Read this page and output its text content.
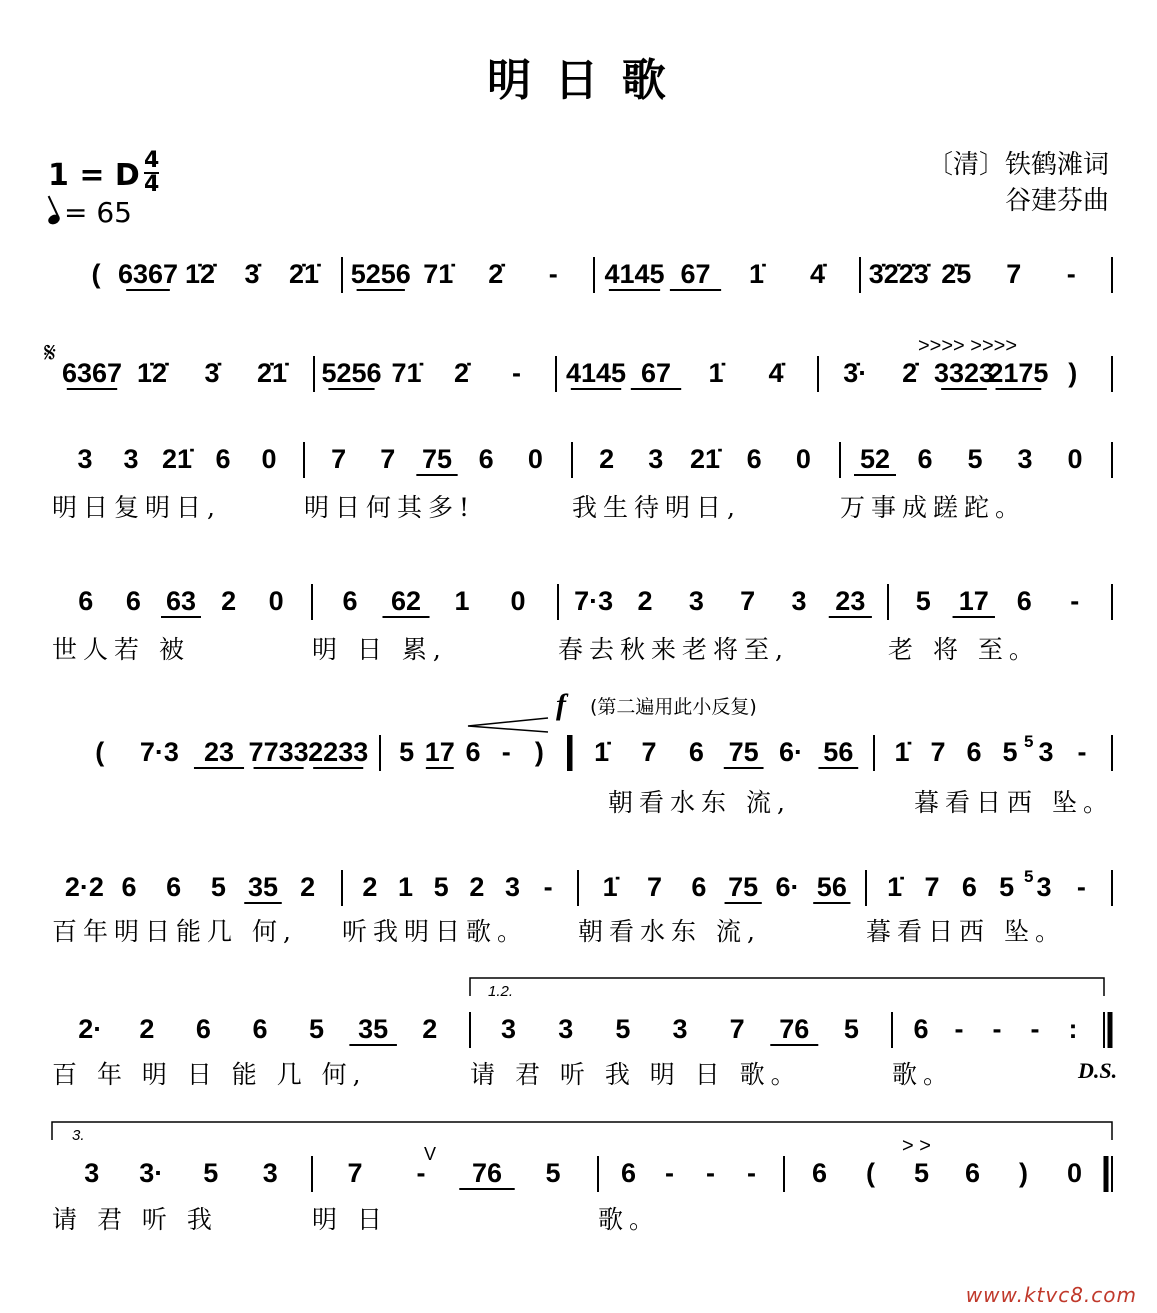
明 日 歌
〔清〕铁鹤滩词
谷建芬曲
1 = D 4
4
= 65
𝄋
f (第二遍用此小反复)
D.S.
www.ktvc8.com
( 6367 1̇2̇ 3̇ 2̇1̇ 5256 71̇ 2̇ - 4145 67 1̇ 4̇ 3̇2̇2̇3̇ 2̇5 7 -
6367 1̇2̇ 3̇ 2̇1̇ 5256 71̇ 2̇ - 4145 67 1̇ 4̇ 3̇· 2̇ 3323
2175 )
>>>> >>>>
3 3 21̇ 6 0 7 7 75 6 0 2 3 21̇ 6 0 52 6 5 3 0
明日复明日,	明日何其多!	我生待明日,	万事成蹉跎。
6 6 63 2 0 6 62 1 0 7·3 2 3 7 3 23 5 17 6 -
世人若 被	明 日 累,	春去秋来老将至,	老 将 至。
( 7·3 23 7733 2233 5 17 6 - ) 1̇ 7 6 75 6· 56 1̇ 7 6 5 3 -
朝看水东 流,	暮看日西 坠。
5
2·2 6 6 5 35 2 2 1 5 2 3 - 1̇ 7 6 75 6· 56 1̇ 7 6 5 3 -
百年明日能几 何, 听我明日歌。 朝看水东 流,	暮看日西 坠。
5
2· 2 6 6 5 35 2 3 3 5 3 7 76 5 6 - - - :
百 年 明 日 能 几 何,	请 君 听 我 明 日 歌。	歌。
3 3· 5 3	7 - 76 5 6 - - - 6 ( 5 6 ) 0
请 君 听 我	明 日	歌。
> >
V
1.2.
3.
